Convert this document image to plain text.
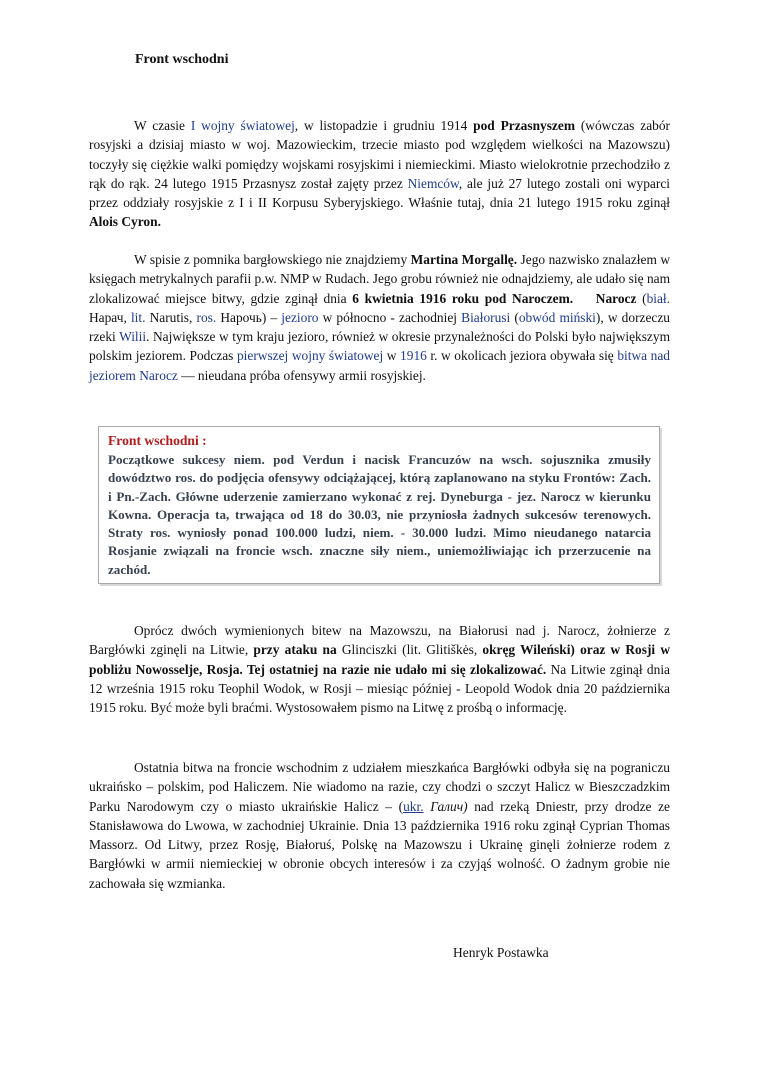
Front wschodni

W czasie I wojny światowej, w listopadzie i grudniu 1914 pod Przasnyszem (wówczas zabór rosyjski a dzisiaj miasto w woj. Mazowieckim, trzecie miasto pod względem wielkości na Mazowszu) toczyły się ciężkie walki pomiędzy wojskami rosyjskimi i niemieckimi. Miasto wielokrotnie przechodziło z rąk do rąk. 24 lutego 1915 Przasnysz został zajęty przez Niemców, ale już 27 lutego zostali oni wyparci przez oddziały rosyjskie z I i II Korpusu Syberyjskiego. Właśnie tutaj, dnia 21 lutego 1915 roku zginął Alois Cyron.

W spisie z pomnika bargłowskiego nie znajdziemy Martina Morgallę. Jego nazwisko znalazłem w księgach metrykalnych parafii p.w. NMP w Rudach. Jego grobu również nie odnajdziemy, ale udało się nam zlokalizować miejsce bitwy, gdzie zginął dnia 6 kwietnia 1916 roku pod Naroczem. Narocz (biał. Нарач, lit. Narutis, ros. Нарочь) – jezioro w północno - zachodniej Białorusi (obwód miński), w dorzeczu rzeki Wilii. Największe w tym kraju jezioro, również w okresie przynależności do Polski było największym polskim jeziorem. Podczas pierwszej wojny światowej w 1916 r. w okolicach jeziora obywała się bitwa nad jeziorem Narocz — nieudana próba ofensywy armii rosyjskiej.

Front wschodni :
Początkowe sukcesy niem. pod Verdun i nacisk Francuzów na wsch. sojusznika zmusiły dowództwo ros. do podjęcia ofensywy odciążającej, którą zaplanowano na styku Frontów: Zach. i Pn.-Zach. Główne uderzenie zamierzano wykonać z rej. Dyneburga - jez. Narocz w kierunku Kowna. Operacja ta, trwająca od 18 do 30.03, nie przyniosła żadnych sukcesów terenowych. Straty ros. wyniosły ponad 100.000 ludzi, niem. - 30.000 ludzi. Mimo nieudanego natarcia Rosjanie związali na froncie wsch. znaczne siły niem., uniemożliwiając ich przerzucenie na zachód.

Oprócz dwóch wymienionych bitew na Mazowszu, na Białorusi nad j. Narocz, żołnierze z Bargłówki zginęli na Litwie, przy ataku na Glinciszki (lit. Glitiškės, okręg Wileński) oraz w Rosji w pobliżu Nowosselje, Rosja. Tej ostatniej na razie nie udało mi się zlokalizować. Na Litwie zginął dnia 12 września 1915 roku Teophil Wodok, w Rosji – miesiąc później - Leopold Wodok dnia 20 października 1915 roku. Być może byli braćmi. Wystosowałem pismo na Litwę z prośbą o informację.

Ostatnia bitwa na froncie wschodnim z udziałem mieszkańca Bargłówki odbyła się na pograniczu ukraińsko – polskim, pod Haliczem. Nie wiadomo na razie, czy chodzi o szczyt Halicz w Bieszczadzkim Parku Narodowym czy o miasto ukraińskie Halicz – (ukr. Галич) nad rzeką Dniestr, przy drodze ze Stanisławowa do Lwowa, w zachodniej Ukrainie. Dnia 13 października 1916 roku zginął Cyprian Thomas Massorz. Od Litwy, przez Rosję, Białoruś, Polskę na Mazowszu i Ukrainę ginęli żołnierze rodem z Bargłówki w armii niemieckiej w obronie obcych interesów i za czyjąś wolność. O żadnym grobie nie zachowała się wzmianka.

Henryk Postawka
